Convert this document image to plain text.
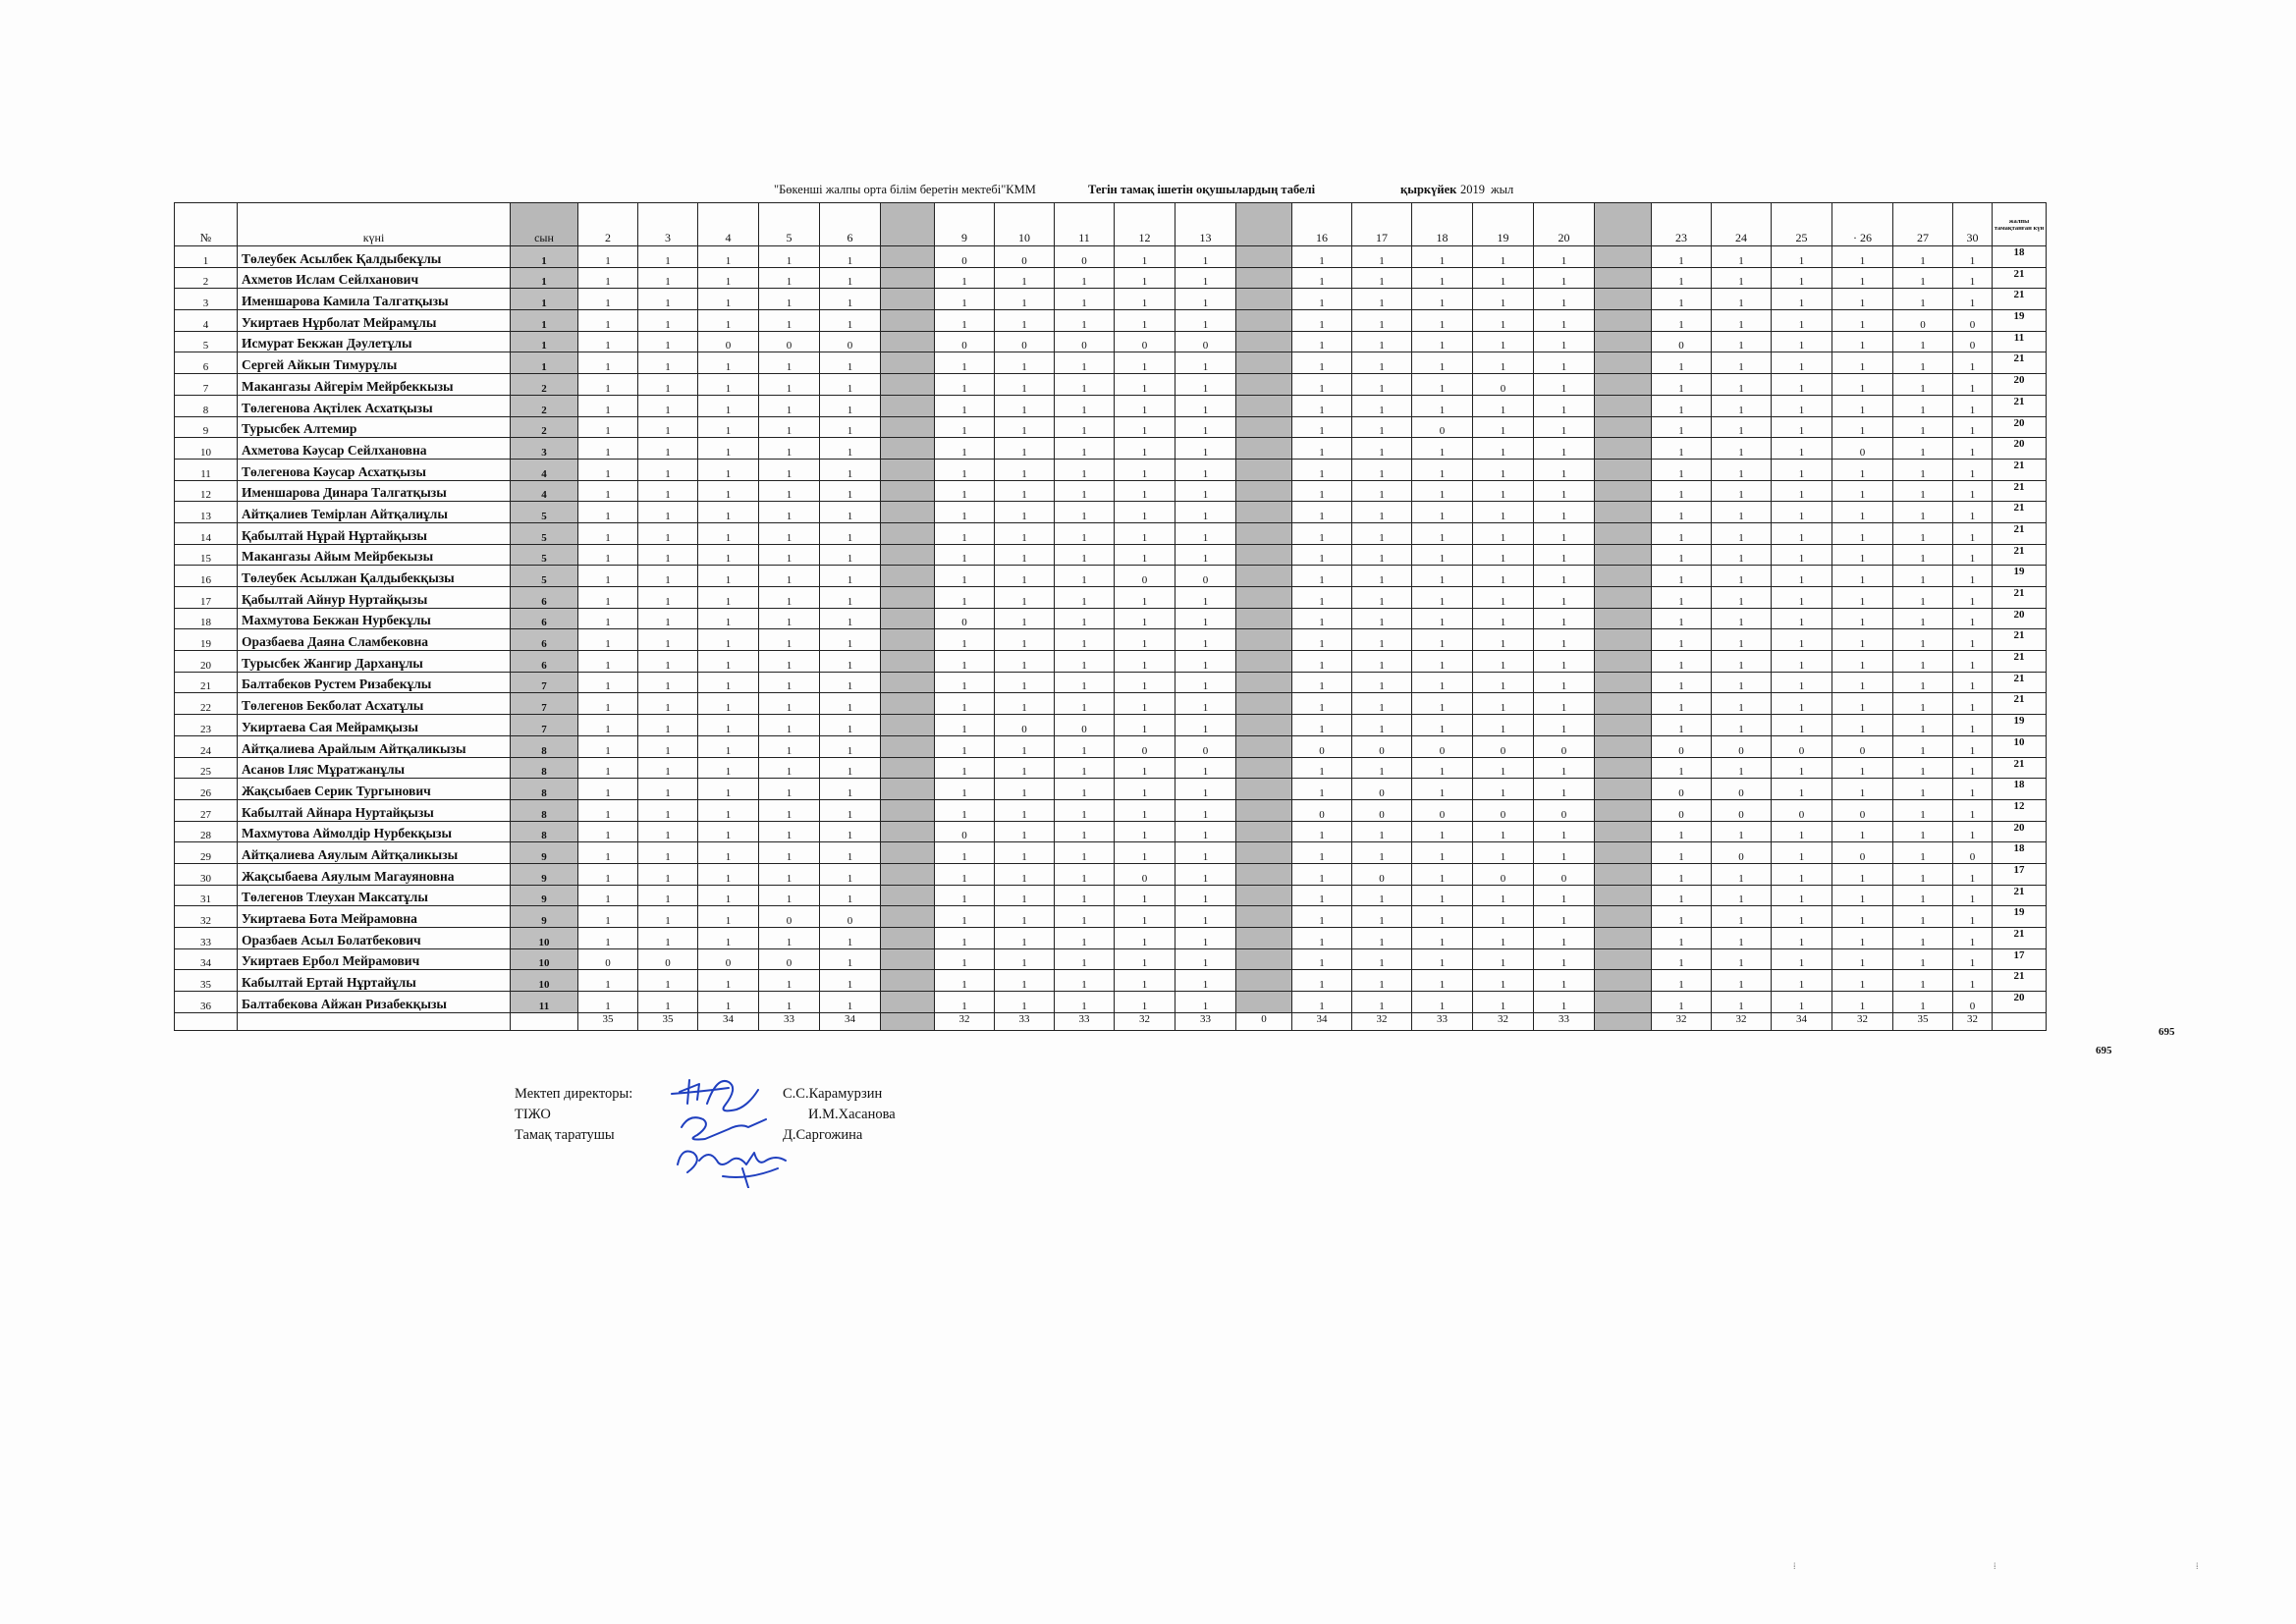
"Бөкенші жалпы орта білім беретін мектебі"КММ	Тегін тамақ ішетін оқушылардың табелі	қыркүйек 2019 жыл
№	күні	сын	2	3	4	5	6		9	10	11	12	13		16	17	18	19	20		23	24	25	· 26	27	30	жалпы тамақтанған күн
1	Төлеубек Асылбек Қалдыбекұлы	1	1	1	1	1	1		0	0	0	1	1		1	1	1	1	1		1	1	1	1	1	1	18
2	Ахметов Ислам Сейлханович	1	1	1	1	1	1		1	1	1	1	1		1	1	1	1	1		1	1	1	1	1	1	21
3	Именшарова Камила Талгатқызы	1	1	1	1	1	1		1	1	1	1	1		1	1	1	1	1		1	1	1	1	1	1	21
4	Укиртаев Нұрболат Мейрамұлы	1	1	1	1	1	1		1	1	1	1	1		1	1	1	1	1		1	1	1	1	0	0	19
5	Исмурат Бекжан Дәулетұлы	1	1	1	0	0	0		0	0	0	0	0		1	1	1	1	1		0	1	1	1	1	0	11
6	Сергей Айкын Тимурұлы	1	1	1	1	1	1		1	1	1	1	1		1	1	1	1	1		1	1	1	1	1	1	21
7	Макангазы Айгерім Мейрбеккызы	2	1	1	1	1	1		1	1	1	1	1		1	1	1	0	1		1	1	1	1	1	1	20
8	Төлегенова Ақтілек Асхатқызы	2	1	1	1	1	1		1	1	1	1	1		1	1	1	1	1		1	1	1	1	1	1	21
9	Турысбек Алтемир	2	1	1	1	1	1		1	1	1	1	1		1	1	0	1	1		1	1	1	1	1	1	20
10	Ахметова Кәусар Сейлхановна	3	1	1	1	1	1		1	1	1	1	1		1	1	1	1	1		1	1	1	0	1	1	20
11	Төлегенова Кәусар Асхатқызы	4	1	1	1	1	1		1	1	1	1	1		1	1	1	1	1		1	1	1	1	1	1	21
12	Именшарова Динара Талгатқызы	4	1	1	1	1	1		1	1	1	1	1		1	1	1	1	1		1	1	1	1	1	1	21
13	Айтқалиев Темірлан Айтқалиұлы	5	1	1	1	1	1		1	1	1	1	1		1	1	1	1	1		1	1	1	1	1	1	21
14	Қабылтай Нұрай Нұртайқызы	5	1	1	1	1	1		1	1	1	1	1		1	1	1	1	1		1	1	1	1	1	1	21
15	Макангазы Айым Мейрбекызы	5	1	1	1	1	1		1	1	1	1	1		1	1	1	1	1		1	1	1	1	1	1	21
16	Төлеубек Асылжан Қалдыбекқызы	5	1	1	1	1	1		1	1	1	0	0		1	1	1	1	1		1	1	1	1	1	1	19
17	Қабылтай Айнур Нуртайқызы	6	1	1	1	1	1		1	1	1	1	1		1	1	1	1	1		1	1	1	1	1	1	21
18	Махмутова Бекжан Нурбекұлы	6	1	1	1	1	1		0	1	1	1	1		1	1	1	1	1		1	1	1	1	1	1	20
19	Оразбаева Даяна Сламбековна	6	1	1	1	1	1		1	1	1	1	1		1	1	1	1	1		1	1	1	1	1	1	21
20	Турысбек Жангир Дарханұлы	6	1	1	1	1	1		1	1	1	1	1		1	1	1	1	1		1	1	1	1	1	1	21
21	Балтабеков Рустем Ризабекұлы	7	1	1	1	1	1		1	1	1	1	1		1	1	1	1	1		1	1	1	1	1	1	21
22	Төлегенов Бекболат Асхатұлы	7	1	1	1	1	1		1	1	1	1	1		1	1	1	1	1		1	1	1	1	1	1	21
23	Укиртаева Сая Мейрамқызы	7	1	1	1	1	1		1	0	0	1	1		1	1	1	1	1		1	1	1	1	1	1	19
24	Айтқалиева Арайлым Айтқаликызы	8	1	1	1	1	1		1	1	1	0	0		0	0	0	0	0		0	0	0	0	1	1	10
25	Асанов Іляс Мұратжанұлы	8	1	1	1	1	1		1	1	1	1	1		1	1	1	1	1		1	1	1	1	1	1	21
26	Жақсыбаев Серик Тургынович	8	1	1	1	1	1		1	1	1	1	1		1	0	1	1	1		0	0	1	1	1	1	18
27	Кабылтай Айнара Нуртайқызы	8	1	1	1	1	1		1	1	1	1	1		0	0	0	0	0		0	0	0	0	1	1	12
28	Махмутова Аймолдір Нурбекқызы	8	1	1	1	1	1		0	1	1	1	1		1	1	1	1	1		1	1	1	1	1	1	20
29	Айтқалиева Аяулым Айтқаликызы	9	1	1	1	1	1		1	1	1	1	1		1	1	1	1	1		1	0	1	0	1	0	18
30	Жақсыбаева Аяулым Магауяновна	9	1	1	1	1	1		1	1	1	0	1		1	0	1	0	0		1	1	1	1	1	1	17
31	Төлегенов Тлеухан Максатұлы	9	1	1	1	1	1		1	1	1	1	1		1	1	1	1	1		1	1	1	1	1	1	21
32	Укиртаева Бота Мейрамовна	9	1	1	1	0	0		1	1	1	1	1		1	1	1	1	1		1	1	1	1	1	1	19
33	Оразбаев Асыл Болатбекович	10	1	1	1	1	1		1	1	1	1	1		1	1	1	1	1		1	1	1	1	1	1	21
34	Укиртаев Ербол Мейрамович	10	0	0	0	0	1		1	1	1	1	1		1	1	1	1	1		1	1	1	1	1	1	17
35	Кабылтай Ертай Нұртайұлы	10	1	1	1	1	1		1	1	1	1	1		1	1	1	1	1		1	1	1	1	1	1	21
36	Балтабекова Айжан Ризабекқызы	11	1	1	1	1	1		1	1	1	1	1		1	1	1	1	1		1	1	1	1	1	0	20
			35	35	34	33	34		32	33	33	32	33	0	34	32	33	32	33		32	32	34	32	35	32	
695
695
Мектеп директоры:
ТІЖО
Тамақ таратушы
С.С.Карамурзин
И.М.Хасанова
Д.Саргожина
⁞	⁞	⁞
